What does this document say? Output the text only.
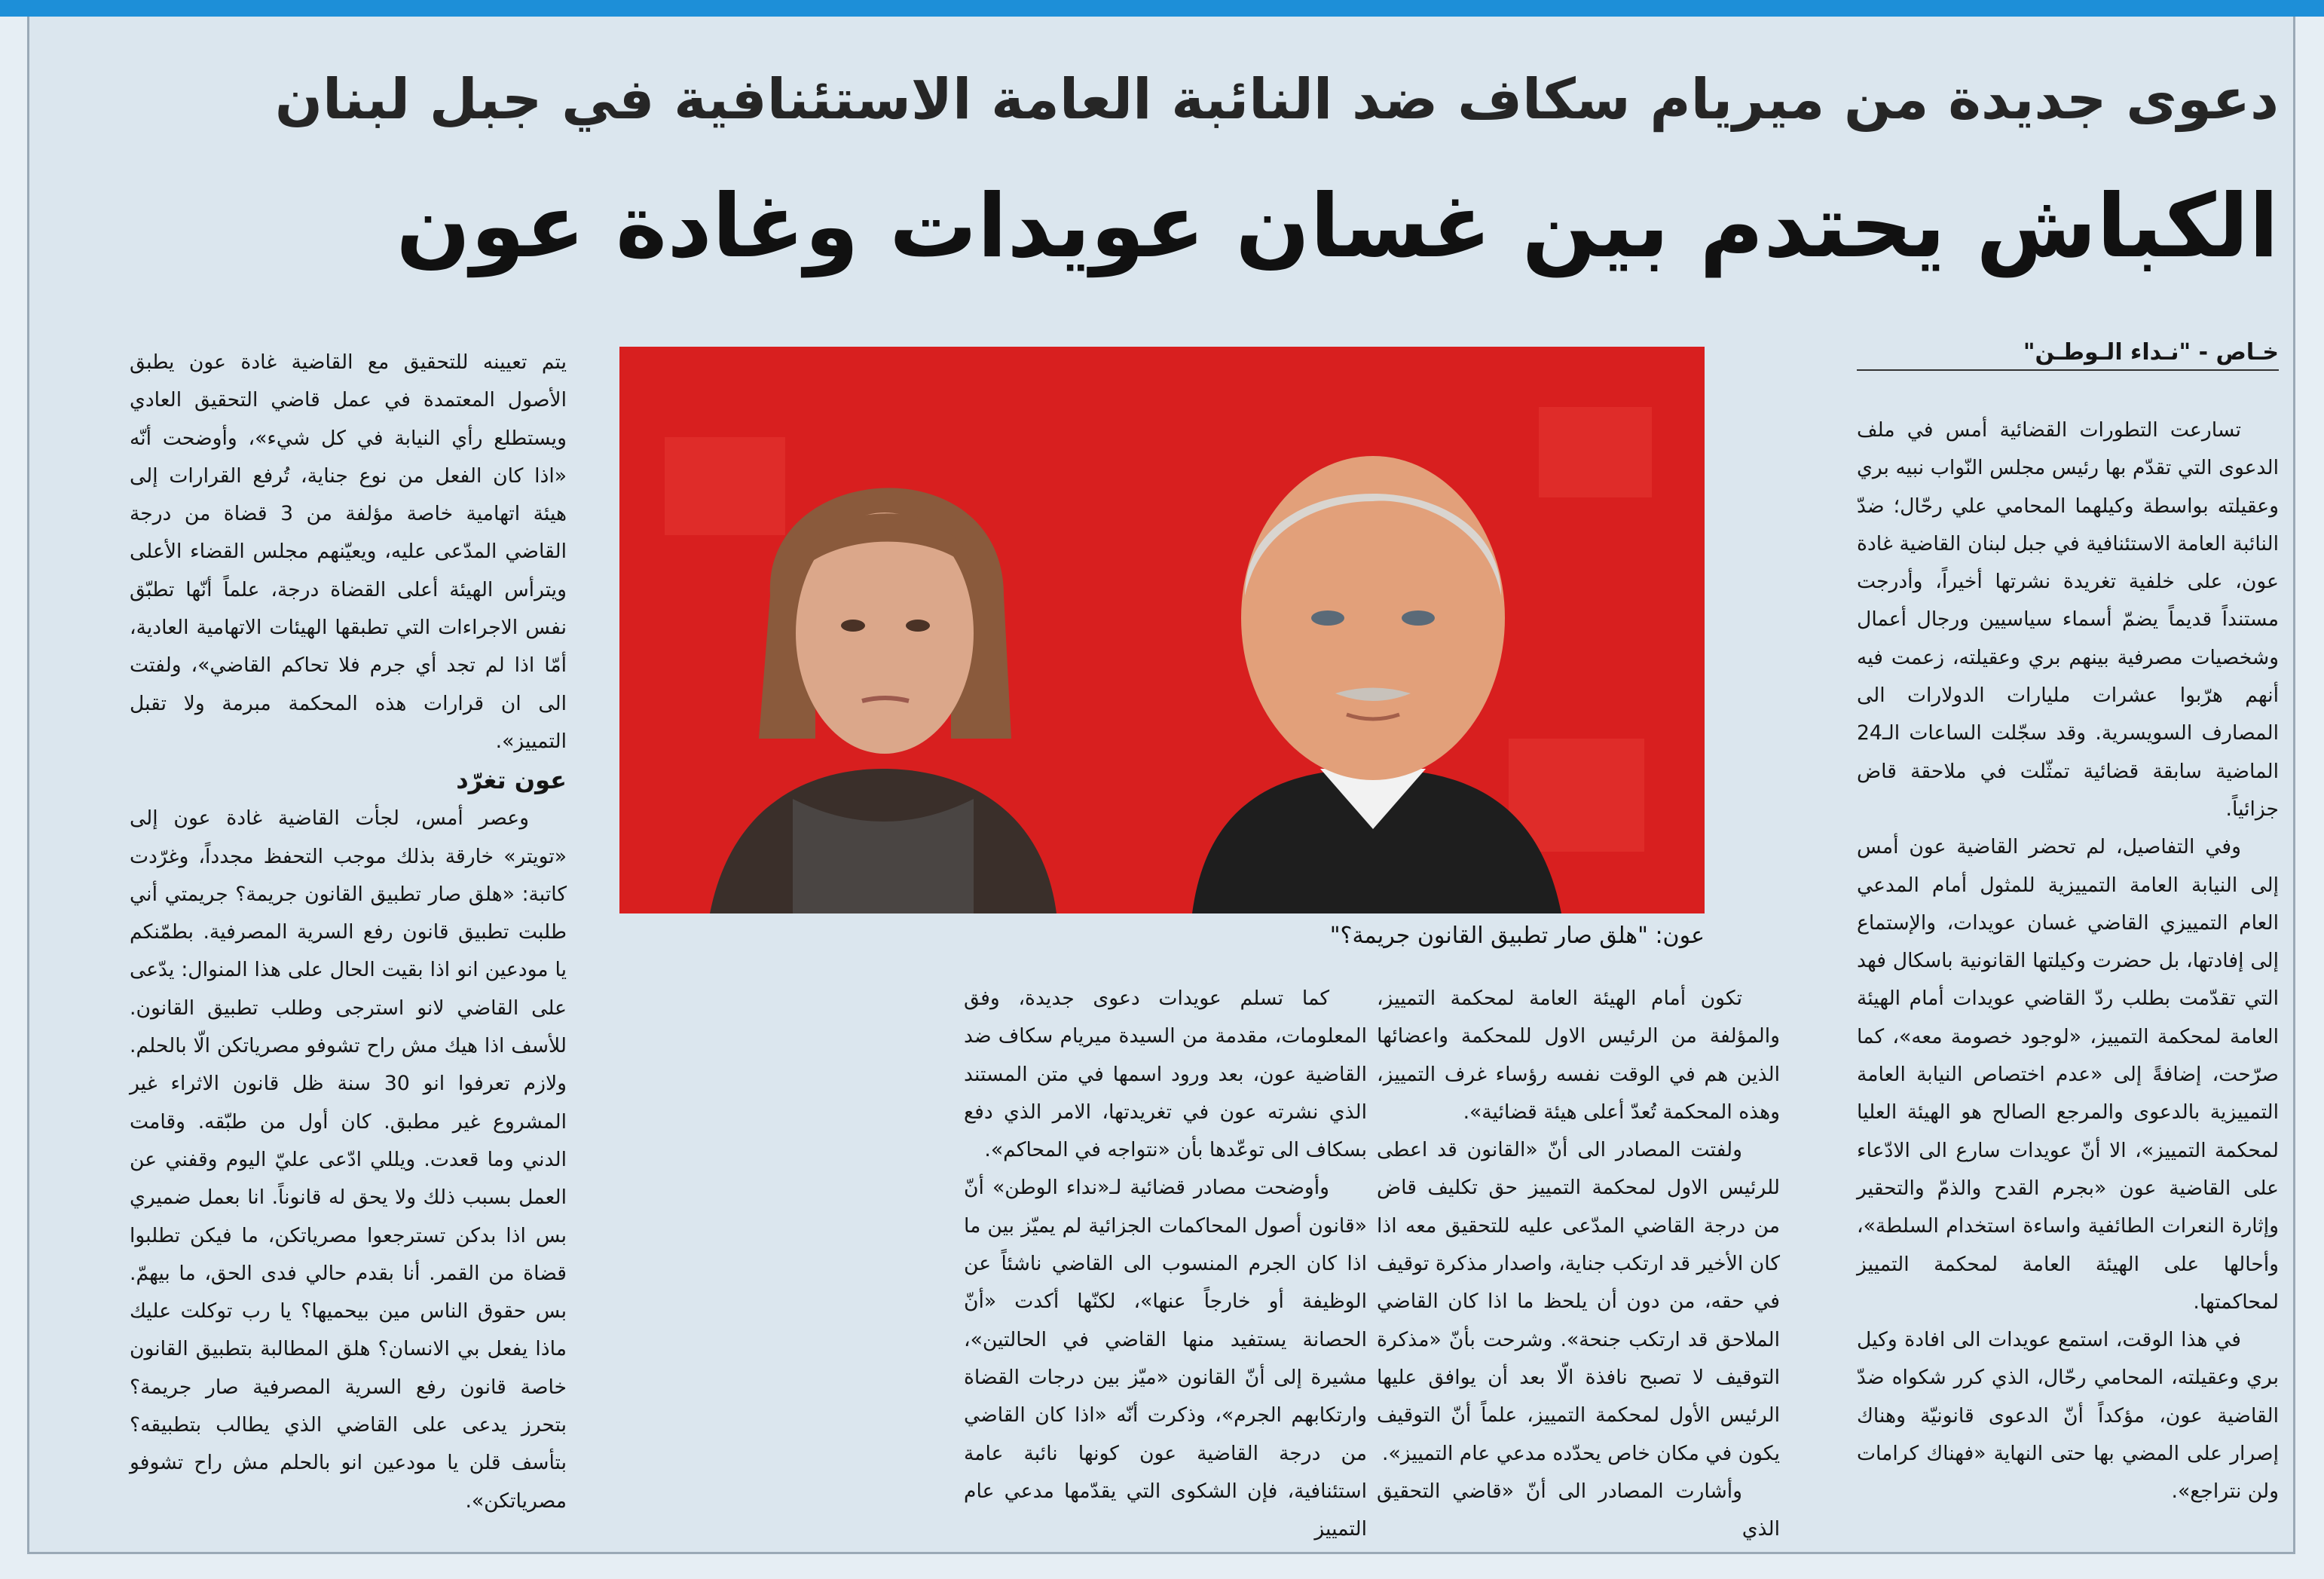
دعوى جديدة من ميريام سكاف ضد النائبة العامة الاستئنافية في جبل لبنان
الكباش يحتدم بين غسان عويدات وغادة عون
خـاص - "نـداء الـوطـن"

تسارعت التطورات القضائية أمس في ملف الدعوى التي تقدّم بها رئيس مجلس النّواب نبيه بري وعقيلته بواسطة وكيلهما المحامي علي رحّال؛ ضدّ النائبة العامة الاستئنافية في جبل لبنان القاضية غادة عون، على خلفية تغريدة نشرتها أخيراً، وأدرجت مستنداً قديماً يضمّ أسماء سياسيين ورجال أعمال وشخصيات مصرفية بينهم بري وعقيلته، زعمت فيه أنهم هرّبوا عشرات مليارات الدولارات الى المصارف السويسرية. وقد سجّلت الساعات الـ24 الماضية سابقة قضائية تمثّلت في ملاحقة قاض جزائياً.

وفي التفاصيل، لم تحضر القاضية عون أمس إلى النيابة العامة التمييزية للمثول أمام المدعي العام التمييزي القاضي غسان عويدات، والإستماع إلى إفادتها، بل حضرت وكيلتها القانونية باسكال فهد التي تقدّمت بطلب ردّ القاضي عويدات أمام الهيئة العامة لمحكمة التمييز، «لوجود خصومة معه»، كما صرّحت، إضافةً إلى «عدم اختصاص النيابة العامة التمييزية بالدعوى والمرجع الصالح هو الهيئة العليا لمحكمة التمييز»، الا أنّ عويدات سارع الى الادّعاء على القاضية عون «بجرم القدح والذمّ والتحقير وإثارة النعرات الطائفية واساءة استخدام السلطة»، وأحالها على الهيئة العامة لمحكمة التمييز لمحاكمتها.

في هذا الوقت، استمع عويدات الى افادة وكيل بري وعقيلته، المحامي رحّال، الذي كرر شكواه ضدّ القاضية عون، مؤكداً أنّ الدعوى قانونيّة وهناك إصرار على المضي بها حتى النهاية «فهناك كرامات ولن نتراجع».

عون: "هلق صار تطبيق القانون جريمة؟"

كما تسلم عويدات دعوى جديدة، وفق المعلومات، مقدمة من السيدة ميريام سكاف ضد القاضية عون، بعد ورود اسمها في متن المستند الذي نشرته عون في تغريدتها، الامر الذي دفع بسكاف الى توعّدها بأن «نتواجه في المحاكم».

وأوضحت مصادر قضائية لـ«نداء الوطن» أنّ «قانون أصول المحاكمات الجزائية لم يميّز بين ما اذا كان الجرم المنسوب الى القاضي ناشئاً عن الوظيفة أو خارجاً عنها»، لكنّها أكدت «أنّ الحصانة يستفيد منها القاضي في الحالتين»، مشيرة إلى أنّ القانون «ميّز بين درجات القضاة وارتكابهم الجرم»، وذكرت أنّه «اذا كان القاضي من درجة القاضية عون كونها نائبة عامة استئنافية، فإن الشكوى التي يقدّمها مدعي عام التمييز

تكون أمام الهيئة العامة لمحكمة التمييز، والمؤلفة من الرئيس الاول للمحكمة واعضائها الذين هم في الوقت نفسه رؤساء غرف التمييز، وهذه المحكمة تُعدّ أعلى هيئة قضائية».

ولفتت المصادر الى أنّ «القانون قد اعطى للرئيس الاول لمحكمة التمييز حق تكليف قاض من درجة القاضي المدّعى عليه للتحقيق معه اذا كان الأخير قد ارتكب جناية، واصدار مذكرة توقيف في حقه، من دون أن يلحظ ما اذا كان القاضي الملاحق قد ارتكب جنحة». وشرحت بأنّ «مذكرة التوقيف لا تصبح نافذة الّا بعد أن يوافق عليها الرئيس الأول لمحكمة التمييز، علماً أنّ التوقيف يكون في مكان خاص يحدّده مدعي عام التمييز».

وأشارت المصادر الى أنّ «قاضي التحقيق الذي

يتم تعيينه للتحقيق مع القاضية غادة عون يطبق الأصول المعتمدة في عمل قاضي التحقيق العادي ويستطلع رأي النيابة في كل شيء»، وأوضحت أنّه «اذا كان الفعل من نوع جناية، تُرفع القرارات إلى هيئة اتهامية خاصة مؤلفة من 3 قضاة من درجة القاضي المدّعى عليه، ويعيّنهم مجلس القضاء الأعلى ويترأس الهيئة أعلى القضاة درجة، علماً أنّها تطبّق نفس الاجراءات التي تطبقها الهيئات الاتهامية العادية، أمّا اذا لم تجد أي جرم فلا تحاكم القاضي»، ولفتت الى ان قرارات هذه المحكمة مبرمة ولا تقبل التمييز».

عون تغرّد

وعصر أمس، لجأت القاضية غادة عون إلى «تويتر» خارقة بذلك موجب التحفظ مجدداً، وغرّدت كاتبة: «هلق صار تطبيق القانون جريمة؟ جريمتي أني طلبت تطبيق قانون رفع السرية المصرفية. بطمّنكم يا مودعين انو اذا بقيت الحال على هذا المنوال: يدّعى على القاضي لانو استرجى وطلب تطبيق القانون. للأسف اذا هيك مش راح تشوفو مصرياتكن الّا بالحلم. ولازم تعرفوا انو 30 سنة ظل قانون الاثراء غير المشروع غير مطبق. كان أول من طبّقه. وقامت الدني وما قعدت. ويللي ادّعى عليّ اليوم وقفني عن العمل بسبب ذلك ولا يحق له قانوناً. انا بعمل ضميري بس اذا بدكن تسترجعوا مصرياتكن، ما فيكن تطلبوا قضاة من القمر. أنا بقدم حالي فدى الحق، ما بيهمّ. بس حقوق الناس مين بيحميها؟ يا رب توكلت عليك ماذا يفعل بي الانسان؟ هلق المطالبة بتطبيق القانون خاصة قانون رفع السرية المصرفية صار جريمة؟ بتحرز يدعى على القاضي الذي يطالب بتطبيقه؟ بتأسف قلن يا مودعين انو بالحلم مش راح تشوفو مصرياتكن».
